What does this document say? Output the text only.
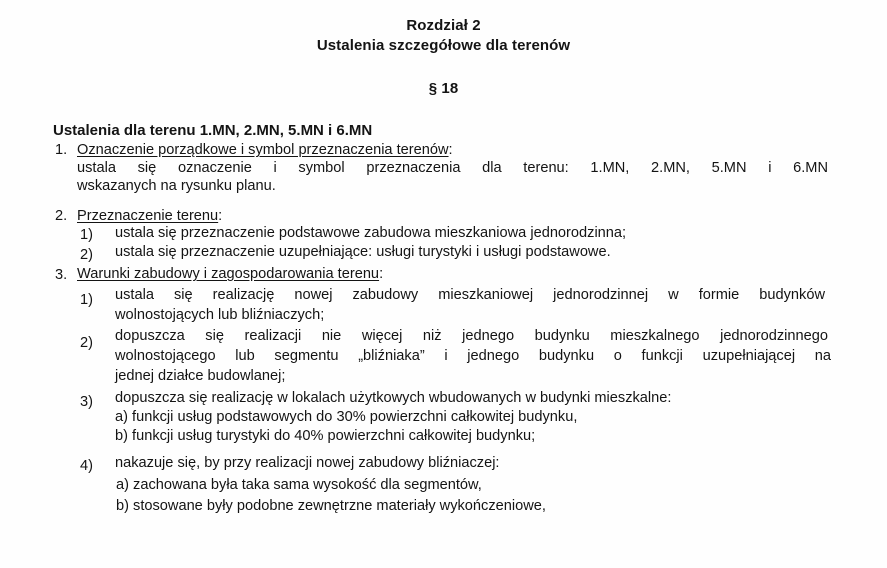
Rozdział 2
Ustalenia szczegółowe dla terenów
§ 18
Ustalenia dla terenu 1.MN, 2.MN, 5.MN i 6.MN
1. Oznaczenie porządkowe i symbol przeznaczenia terenów:
ustala się oznaczenie i symbol przeznaczenia dla terenu: 1.MN, 2.MN, 5.MN i 6.MN
wskazanych na rysunku planu.
2. Przeznaczenie terenu:
1) ustala się przeznaczenie podstawowe zabudowa mieszkaniowa jednorodzinna;
2) ustala się przeznaczenie uzupełniające: usługi turystyki i usługi podstawowe.
3. Warunki zabudowy i zagospodarowania terenu:
1) ustala się realizację nowej zabudowy mieszkaniowej jednorodzinnej w formie budynków
wolnostojących lub bliźniaczych;
2) dopuszcza się realizacji nie więcej niż jednego budynku mieszkalnego jednorodzinnego
wolnostojącego lub segmentu „bliźniaka” i jednego budynku o funkcji uzupełniającej na
jednej działce budowlanej;
3) dopuszcza się realizację w lokalach użytkowych wbudowanych w budynki mieszkalne:
a) funkcji usług podstawowych do 30% powierzchni całkowitej budynku,
b) funkcji usług turystyki do 40% powierzchni całkowitej budynku;
4) nakazuje się, by przy realizacji nowej zabudowy bliźniaczej:
a) zachowana była taka sama wysokość dla segmentów,
b) stosowane były podobne zewnętrzne materiały wykończeniowe,
